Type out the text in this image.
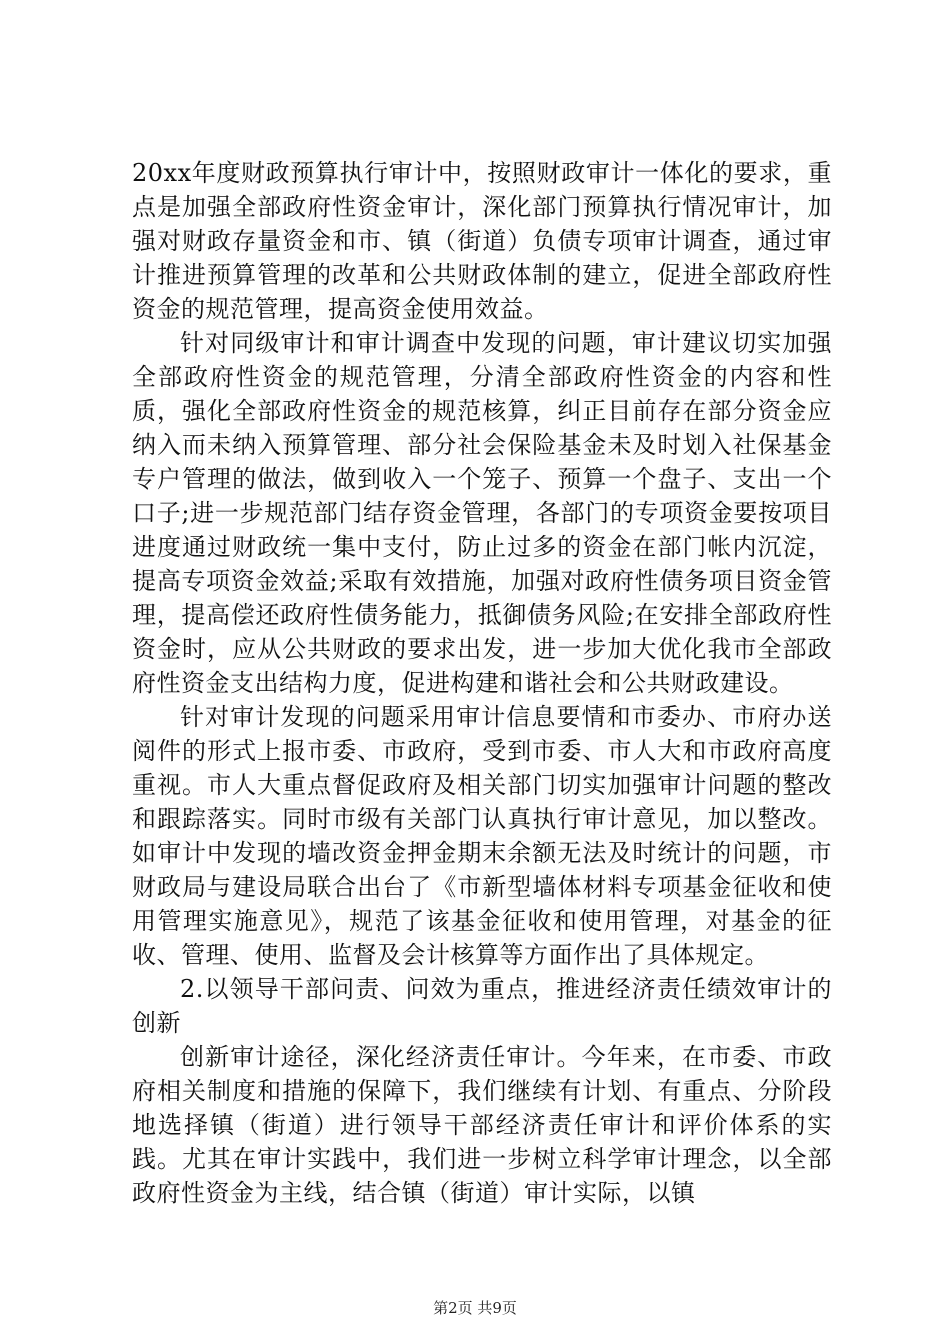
20xx年度财政预算执行审计中，按照财政审计一体化的要求，重点是加强全部政府性资金审计，深化部门预算执行情况审计，加强对财政存量资金和市、镇（街道）负债专项审计调查，通过审计推进预算管理的改革和公共财政体制的建立，促进全部政府性资金的规范管理，提高资金使用效益。

针对同级审计和审计调查中发现的问题，审计建议切实加强全部政府性资金的规范管理，分清全部政府性资金的内容和性质，强化全部政府性资金的规范核算，纠正目前存在部分资金应纳入而未纳入预算管理、部分社会保险基金未及时划入社保基金专户管理的做法，做到收入一个笼子、预算一个盘子、支出一个口子;进一步规范部门结存资金管理，各部门的专项资金要按项目进度通过财政统一集中支付，防止过多的资金在部门帐内沉淀，提高专项资金效益;采取有效措施，加强对政府性债务项目资金管理，提高偿还政府性债务能力，抵御债务风险;在安排全部政府性资金时，应从公共财政的要求出发，进一步加大优化我市全部政府性资金支出结构力度，促进构建和谐社会和公共财政建设。

针对审计发现的问题采用审计信息要情和市委办、市府办送阅件的形式上报市委、市政府，受到市委、市人大和市政府高度重视。市人大重点督促政府及相关部门切实加强审计问题的整改和跟踪落实。同时市级有关部门认真执行审计意见，加以整改。如审计中发现的墙改资金押金期末余额无法及时统计的问题，市财政局与建设局联合出台了《市新型墙体材料专项基金征收和使用管理实施意见》，规范了该基金征收和使用管理，对基金的征收、管理、使用、监督及会计核算等方面作出了具体规定。

2.以领导干部问责、问效为重点，推进经济责任绩效审计的创新

创新审计途径，深化经济责任审计。今年来，在市委、市政府相关制度和措施的保障下，我们继续有计划、有重点、分阶段地选择镇（街道）进行领导干部经济责任审计和评价体系的实践。尤其在审计实践中，我们进一步树立科学审计理念，以全部政府性资金为主线，结合镇（街道）审计实际，以镇

第2页 共9页
